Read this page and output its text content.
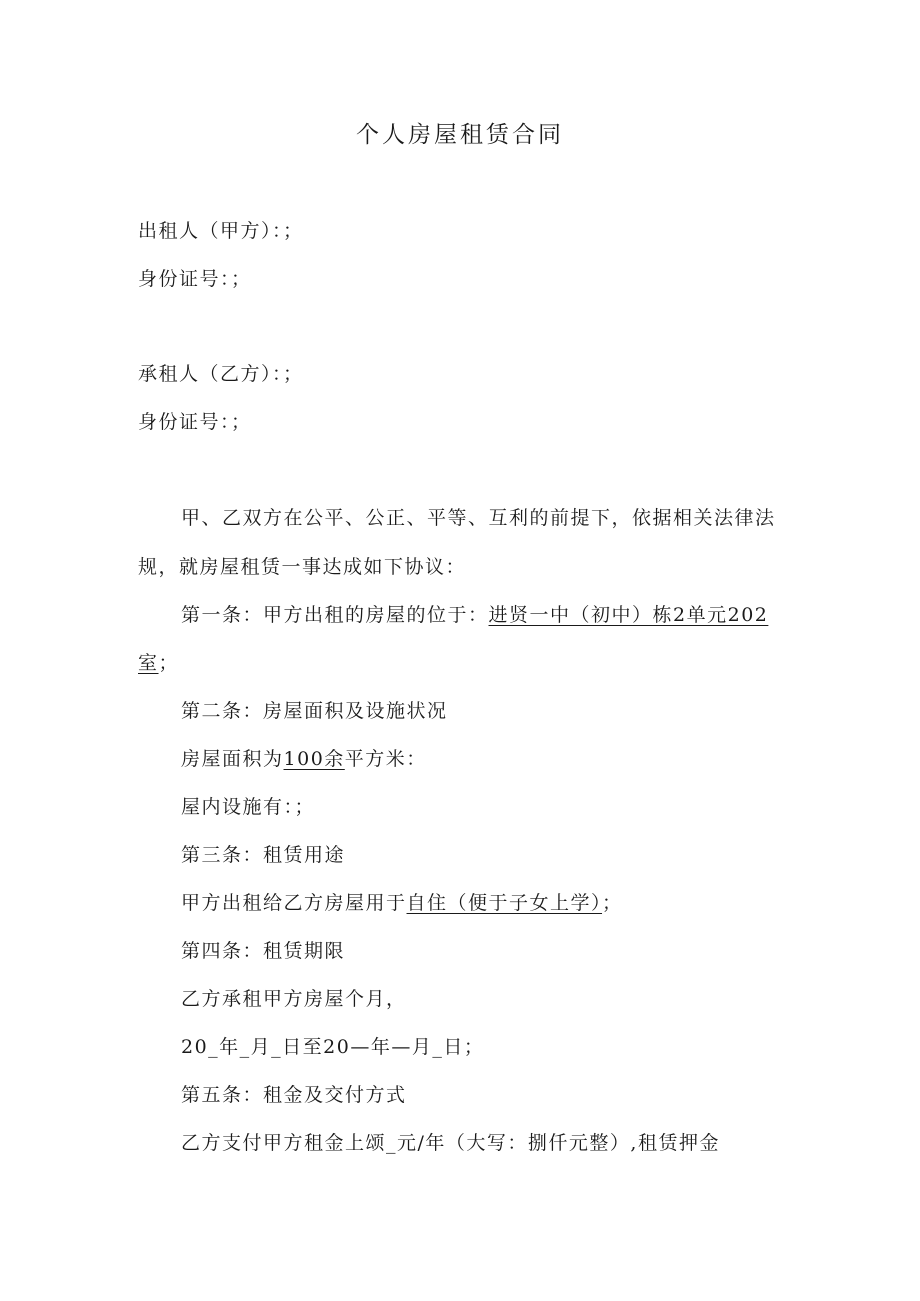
个人房屋租赁合同
出租人（甲方）：；
身份证号：；
承租人（乙方）：；
身份证号：；
甲、乙双方在公平、公正、平等、互利的前提下，依据相关法律法
规，就房屋租赁一事达成如下协议：
第一条：甲方出租的房屋的位于：进贤一中（初中）栋2单元202
室；
第二条：房屋面积及设施状况
房屋面积为100余平方米：
屋内设施有：；
第三条：租赁用途
甲方出租给乙方房屋用于自住（便于子女上学）；
第四条：租赁期限
乙方承租甲方房屋个月，
20_年_月_日至20—年—月_日；
第五条：租金及交付方式
乙方支付甲方租金上颂_元/年（大写：捌仟元整）,租赁押金
